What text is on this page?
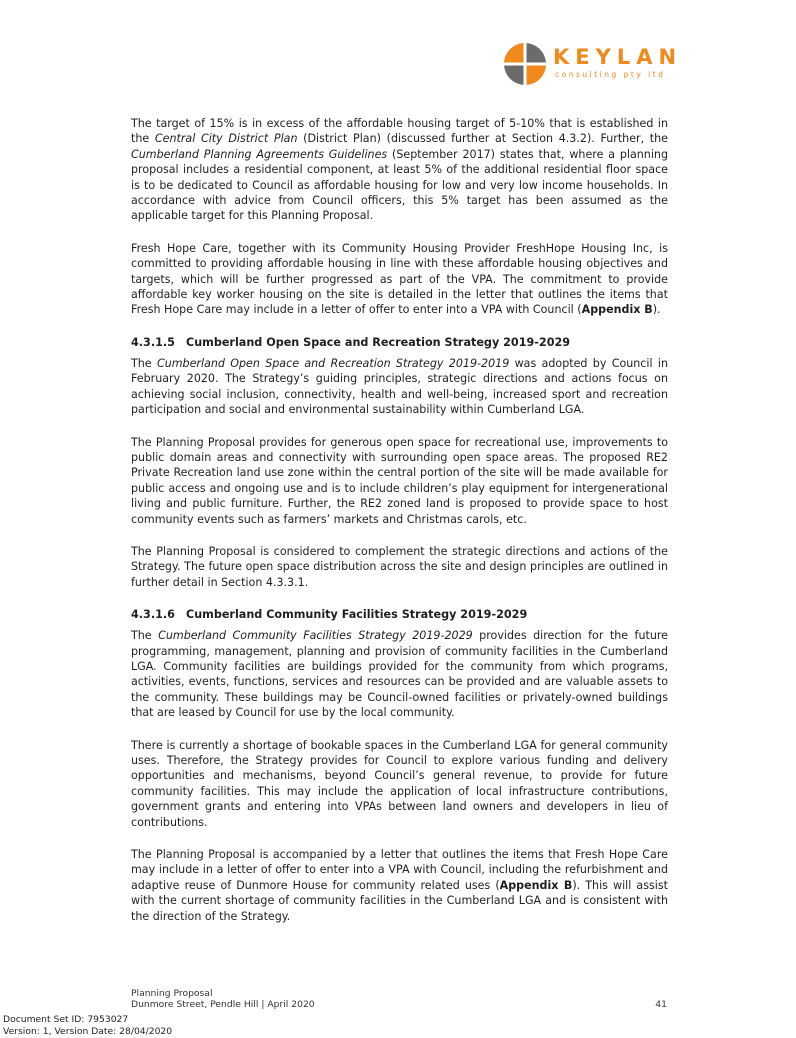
KEYLAN
consulting pty ltd

The target of 15% is in excess of the affordable housing target of 5-10% that is established in the Central City District Plan (District Plan) (discussed further at Section 4.3.2). Further, the Cumberland Planning Agreements Guidelines (September 2017) states that, where a planning proposal includes a residential component, at least 5% of the additional residential floor space is to be dedicated to Council as affordable housing for low and very low income households. In accordance with advice from Council officers, this 5% target has been assumed as the applicable target for this Planning Proposal.

Fresh Hope Care, together with its Community Housing Provider FreshHope Housing Inc, is committed to providing affordable housing in line with these affordable housing objectives and targets, which will be further progressed as part of the VPA. The commitment to provide affordable key worker housing on the site is detailed in the letter that outlines the items that Fresh Hope Care may include in a letter of offer to enter into a VPA with Council (Appendix B).

4.3.1.5 Cumberland Open Space and Recreation Strategy 2019-2029

The Cumberland Open Space and Recreation Strategy 2019-2019 was adopted by Council in February 2020. The Strategy’s guiding principles, strategic directions and actions focus on achieving social inclusion, connectivity, health and well-being, increased sport and recreation participation and social and environmental sustainability within Cumberland LGA.

The Planning Proposal provides for generous open space for recreational use, improvements to public domain areas and connectivity with surrounding open space areas. The proposed RE2 Private Recreation land use zone within the central portion of the site will be made available for public access and ongoing use and is to include children’s play equipment for intergenerational living and public furniture. Further, the RE2 zoned land is proposed to provide space to host community events such as farmers’ markets and Christmas carols, etc.

The Planning Proposal is considered to complement the strategic directions and actions of the Strategy. The future open space distribution across the site and design principles are outlined in further detail in Section 4.3.3.1.

4.3.1.6 Cumberland Community Facilities Strategy 2019-2029

The Cumberland Community Facilities Strategy 2019-2029 provides direction for the future programming, management, planning and provision of community facilities in the Cumberland LGA. Community facilities are buildings provided for the community from which programs, activities, events, functions, services and resources can be provided and are valuable assets to the community. These buildings may be Council-owned facilities or privately-owned buildings that are leased by Council for use by the local community.

There is currently a shortage of bookable spaces in the Cumberland LGA for general community uses. Therefore, the Strategy provides for Council to explore various funding and delivery opportunities and mechanisms, beyond Council’s general revenue, to provide for future community facilities. This may include the application of local infrastructure contributions, government grants and entering into VPAs between land owners and developers in lieu of contributions.

The Planning Proposal is accompanied by a letter that outlines the items that Fresh Hope Care may include in a letter of offer to enter into a VPA with Council, including the refurbishment and adaptive reuse of Dunmore House for community related uses (Appendix B). This will assist with the current shortage of community facilities in the Cumberland LGA and is consistent with the direction of the Strategy.

Planning Proposal
Dunmore Street, Pendle Hill | April 2020	41
Document Set ID: 7953027
Version: 1, Version Date: 28/04/2020
